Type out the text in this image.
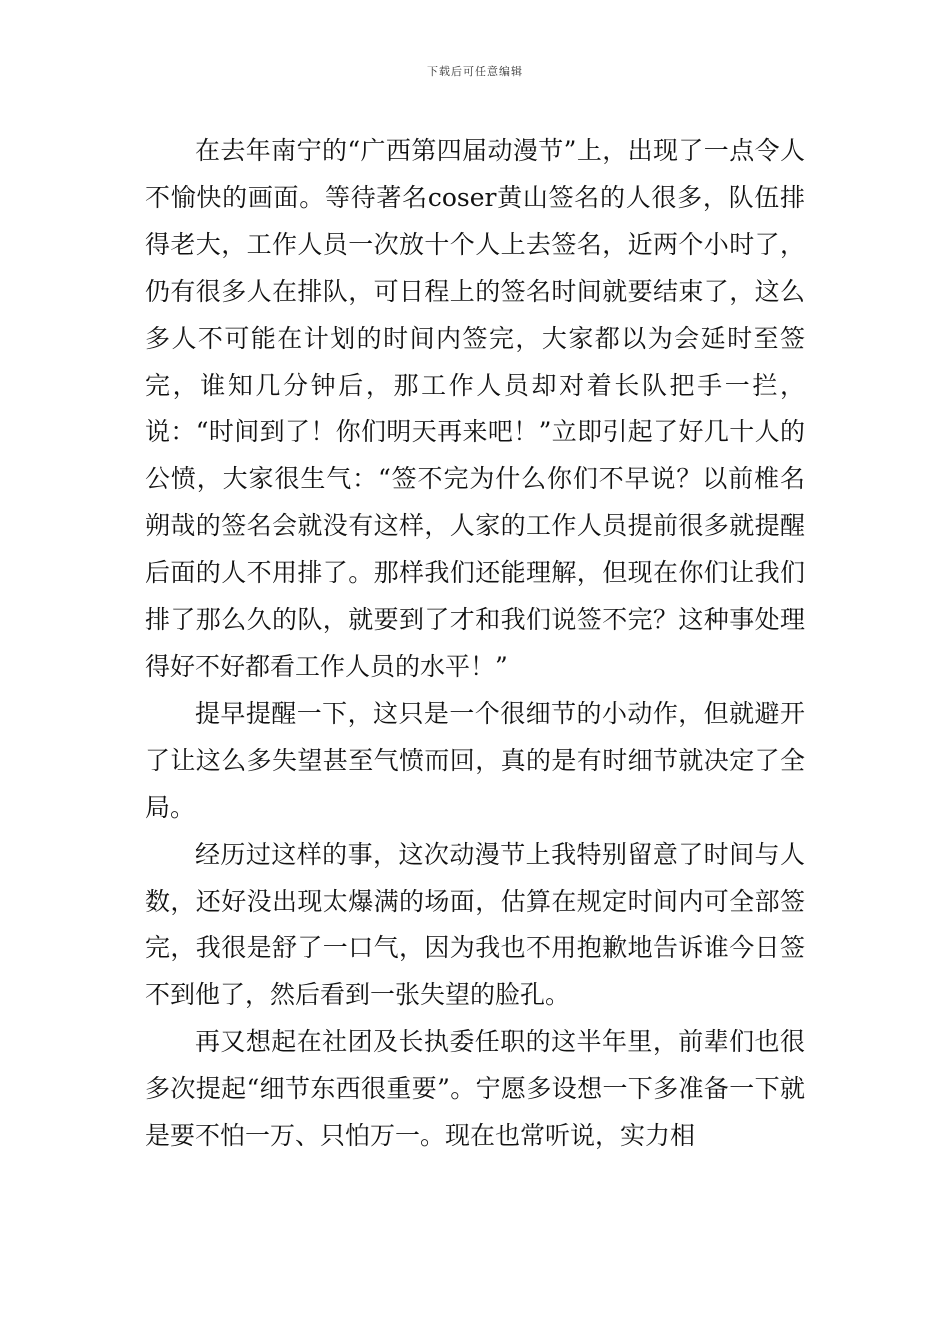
下载后可任意编辑

在去年南宁的“广西第四届动漫节”上，出现了一点令人不愉快的画面。等待著名coser黄山签名的人很多，队伍排得老大，工作人员一次放十个人上去签名，近两个小时了，仍有很多人在排队，可日程上的签名时间就要结束了，这么多人不可能在计划的时间内签完，大家都以为会延时至签完，谁知几分钟后，那工作人员却对着长队把手一拦，说：“时间到了！你们明天再来吧！”立即引起了好几十人的公愤，大家很生气：“签不完为什么你们不早说？以前椎名朔哉的签名会就没有这样，人家的工作人员提前很多就提醒后面的人不用排了。那样我们还能理解，但现在你们让我们排了那么久的队，就要到了才和我们说签不完？这种事处理得好不好都看工作人员的水平！”

提早提醒一下，这只是一个很细节的小动作，但就避开了让这么多失望甚至气愤而回，真的是有时细节就决定了全局。

经历过这样的事，这次动漫节上我特别留意了时间与人数，还好没出现太爆满的场面，估算在规定时间内可全部签完，我很是舒了一口气，因为我也不用抱歉地告诉谁今日签不到他了，然后看到一张失望的脸孔。

再又想起在社团及长执委任职的这半年里，前辈们也很多次提起“细节东西很重要”。宁愿多设想一下多准备一下就是要不怕一万、只怕万一。现在也常听说，实力相
